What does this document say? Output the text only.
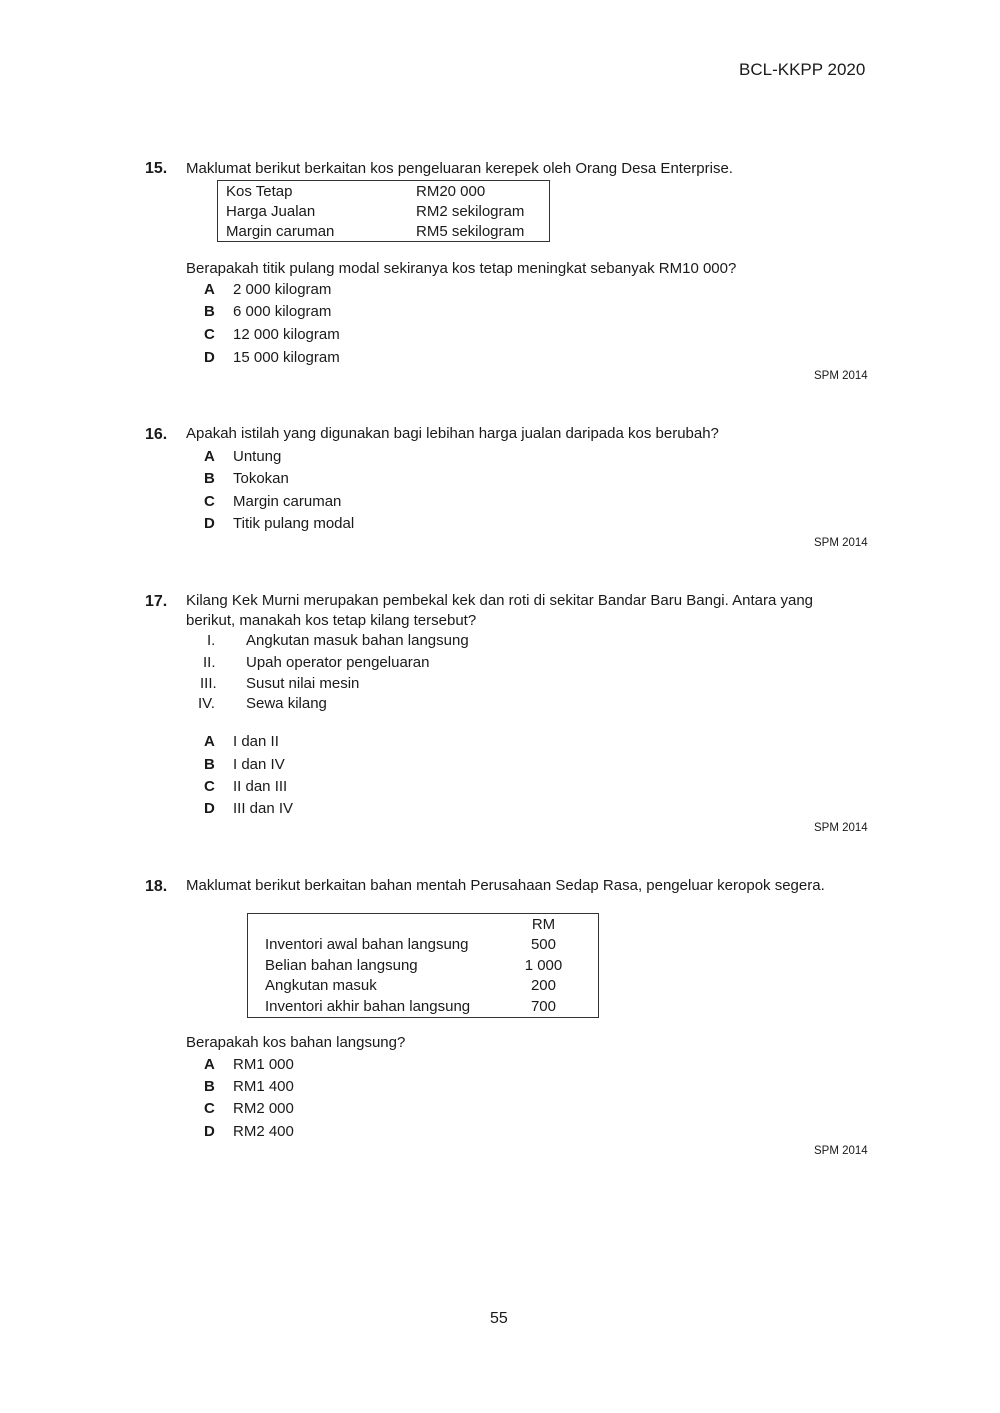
BCL-KKPP 2020
15. Maklumat berikut berkaitan kos pengeluaran kerepek oleh Orang Desa Enterprise.
Kos Tetap	RM20 000
Harga Jualan	RM2 sekilogram
Margin caruman	RM5 sekilogram
Berapakah titik pulang modal sekiranya kos tetap meningkat sebanyak RM10 000?
A 2 000 kilogram
B 6 000 kilogram
C 12 000 kilogram
D 15 000 kilogram
SPM 2014
16. Apakah istilah yang digunakan bagi lebihan harga jualan daripada kos berubah?
A Untung
B Tokokan
C Margin caruman
D Titik pulang modal
SPM 2014
17. Kilang Kek Murni merupakan pembekal kek dan roti di sekitar Bandar Baru Bangi. Antara yang
berikut, manakah kos tetap kilang tersebut?
I. Angkutan masuk bahan langsung
II. Upah operator pengeluaran
III. Susut nilai mesin
IV. Sewa kilang
A I dan II
B I dan IV
C II dan III
D III dan IV
SPM 2014
18. Maklumat berikut berkaitan bahan mentah Perusahaan Sedap Rasa, pengeluar keropok segera.
	RM
Inventori awal bahan langsung	500
Belian bahan langsung	1 000
Angkutan masuk	200
Inventori akhir bahan langsung	700
Berapakah kos bahan langsung?
A RM1 000
B RM1 400
C RM2 000
D RM2 400
SPM 2014
55
